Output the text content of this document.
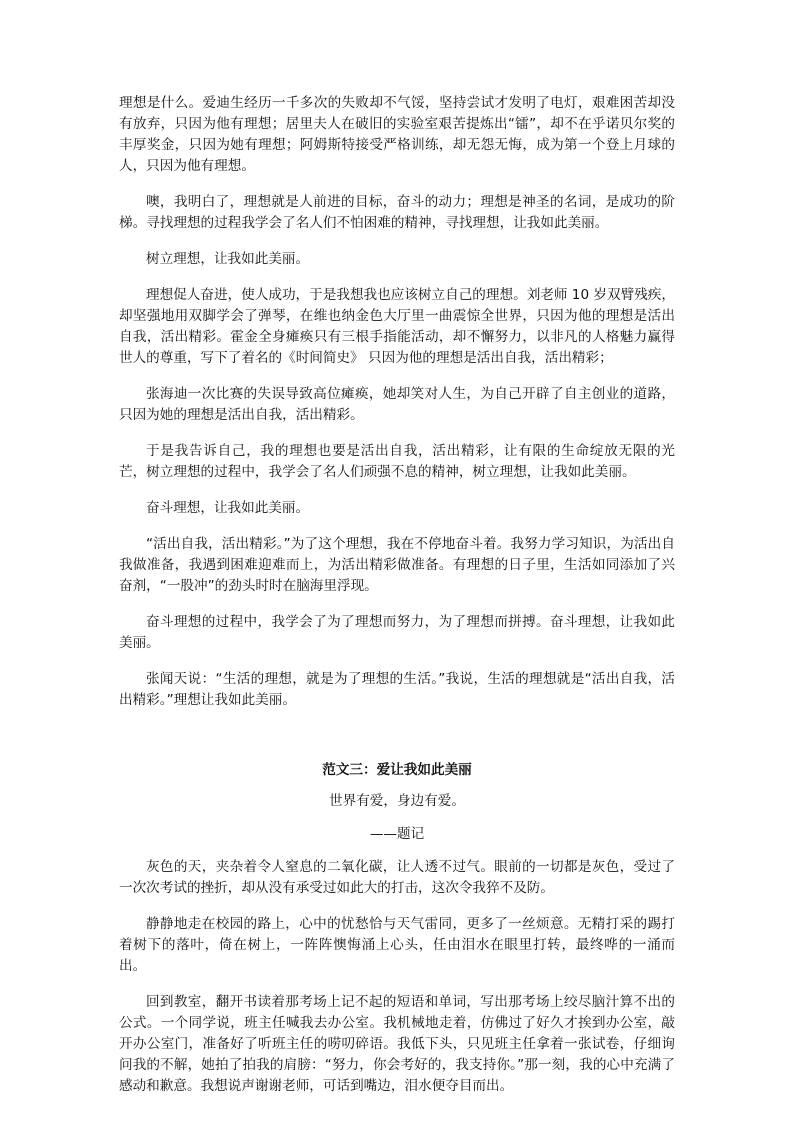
理想是什么。爱迪生经历一千多次的失败却不气馁，坚持尝试才发明了电灯，艰难困苦却没有放弃，只因为他有理想；居里夫人在破旧的实验室艰苦提炼出“镭”，却不在乎诺贝尔奖的丰厚奖金，只因为她有理想；阿姆斯特接受严格训练，却无怨无悔，成为第一个登上月球的人，只因为他有理想。

噢，我明白了，理想就是人前进的目标，奋斗的动力；理想是神圣的名词，是成功的阶梯。寻找理想的过程我学会了名人们不怕困难的精神，寻找理想，让我如此美丽。

树立理想，让我如此美丽。

理想促人奋进，使人成功，于是我想我也应该树立自己的理想。刘老师 10 岁双臂残疾，却坚强地用双脚学会了弹琴，在维也纳金色大厅里一曲震惊全世界，只因为他的理想是活出自我，活出精彩。霍金全身瘫痪只有三根手指能活动，却不懈努力，以非凡的人格魅力赢得世人的尊重，写下了着名的《时间简史》 只因为他的理想是活出自我，活出精彩；

张海迪一次比赛的失误导致高位瘫痪，她却笑对人生，为自己开辟了自主创业的道路，只因为她的理想是活出自我，活出精彩。

于是我告诉自己，我的理想也要是活出自我，活出精彩，让有限的生命绽放无限的光芒，树立理想的过程中，我学会了名人们顽强不息的精神，树立理想，让我如此美丽。

奋斗理想，让我如此美丽。

“活出自我，活出精彩。”为了这个理想，我在不停地奋斗着。我努力学习知识，为活出自我做准备，我遇到困难迎难而上，为活出精彩做准备。有理想的日子里，生活如同添加了兴奋剂，“一股冲”的劲头时时在脑海里浮现。

奋斗理想的过程中，我学会了为了理想而努力，为了理想而拼搏。奋斗理想，让我如此美丽。

张闻天说：“生活的理想，就是为了理想的生活。”我说，生活的理想就是“活出自我，活出精彩。”理想让我如此美丽。

范文三：爱让我如此美丽
世界有爱，身边有爱。
——题记

灰色的天，夹杂着令人窒息的二氧化碳，让人透不过气。眼前的一切都是灰色，受过了一次次考试的挫折，却从没有承受过如此大的打击，这次令我猝不及防。

静静地走在校园的路上，心中的忧愁恰与天气雷同，更多了一丝烦意。无精打采的踢打着树下的落叶，倚在树上，一阵阵懊悔涌上心头，任由泪水在眼里打转，最终哗的一涌而出。

回到教室，翻开书读着那考场上记不起的短语和单词，写出那考场上绞尽脑汁算不出的公式。一个同学说，班主任喊我去办公室。我机械地走着，仿佛过了好久才挨到办公室，敲开办公室门，准备好了听班主任的唠叨碎语。我低下头，只见班主任拿着一张试卷，仔细询问我的不解，她拍了拍我的肩膀：“努力，你会考好的，我支持你。”那一刻，我的心中充满了感动和歉意。我想说声谢谢老师，可话到嘴边，泪水便夺目而出。
